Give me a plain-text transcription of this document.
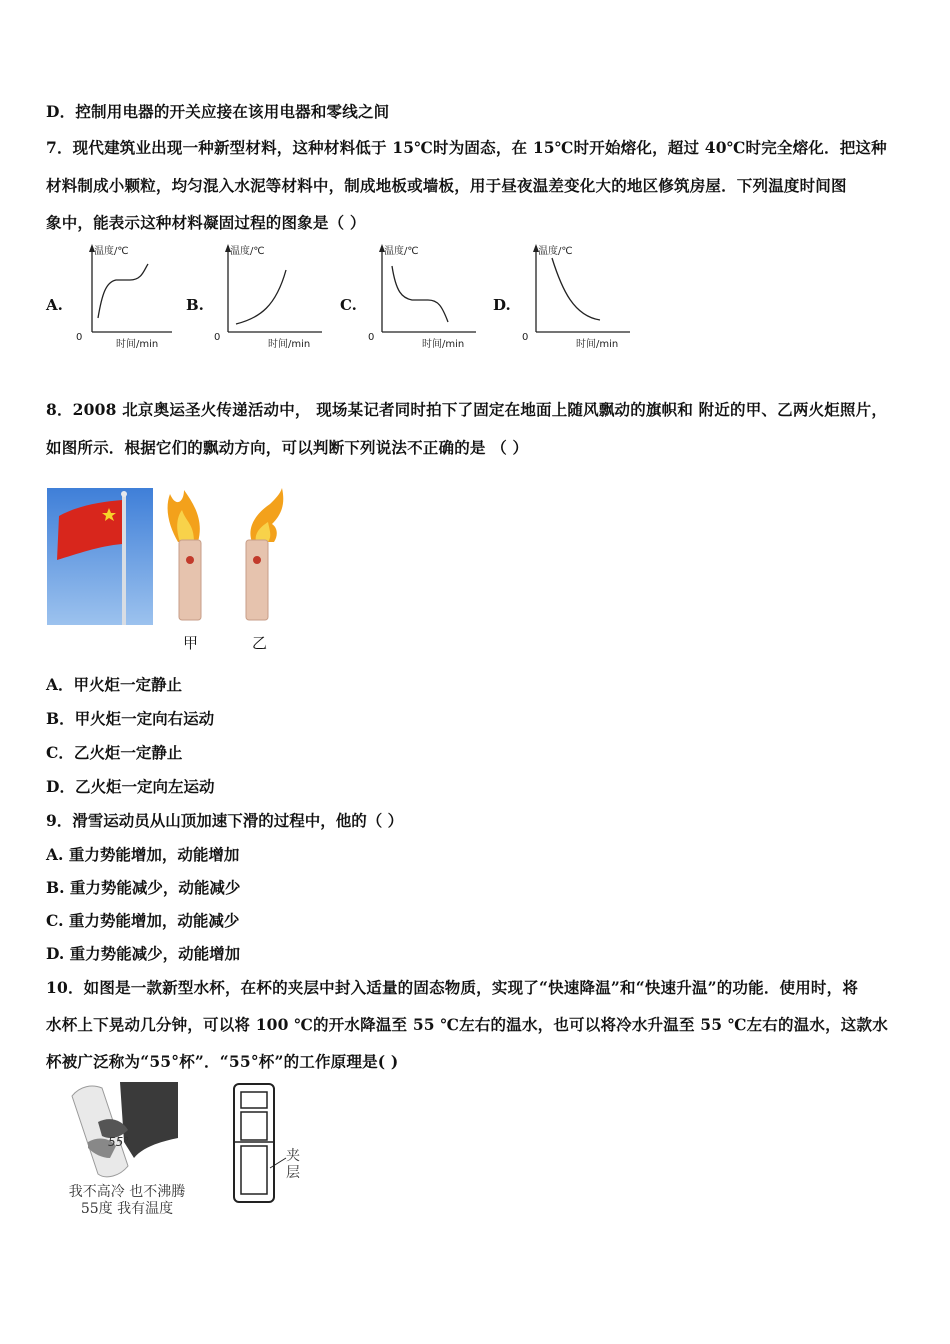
D．控制用电器的开关应接在该用电器和零线之间
7．现代建筑业出现一种新型材料，这种材料低于 15℃时为固态，在 15℃时开始熔化，超过 40℃时完全熔化．把这种
材料制成小颗粒，均匀混入水泥等材料中，制成地板或墙板，用于昼夜温差变化大的地区修筑房屋．下列温度时间图
象中，能表示这种材料凝固过程的图象是（ ）
A.
温度/℃
0
时间/min
B.
温度/℃
0
时间/min
C.
温度/℃
0
时间/min
D.
温度/℃
0
时间/min
8．2008 北京奥运圣火传递活动中， 现场某记者同时拍下了固定在地面上随风飘动的旗帜和 附近的甲、乙两火炬照片，
如图所示．根据它们的飘动方向，可以判断下列说法不正确的是 （ ）
甲	乙
A．甲火炬一定静止
B．甲火炬一定向右运动
C．乙火炬一定静止
D．乙火炬一定向左运动
9．滑雪运动员从山顶加速下滑的过程中，他的（ ）
A. 重力势能增加，动能增加
B. 重力势能减少，动能减少
C. 重力势能增加，动能减少
D. 重力势能减少，动能增加
10．如图是一款新型水杯，在杯的夹层中封入适量的固态物质，实现了“快速降温”和“快速升温”的功能．使用时，将
水杯上下晃动几分钟，可以将 100 ℃的开水降温至 55 ℃左右的温水，也可以将冷水升温至 55 ℃左右的温水，这款水
杯被广泛称为“55°杯”．“55°杯”的工作原理是( )
55°
我不高冷 也不沸腾
55度 我有温度
夹层
